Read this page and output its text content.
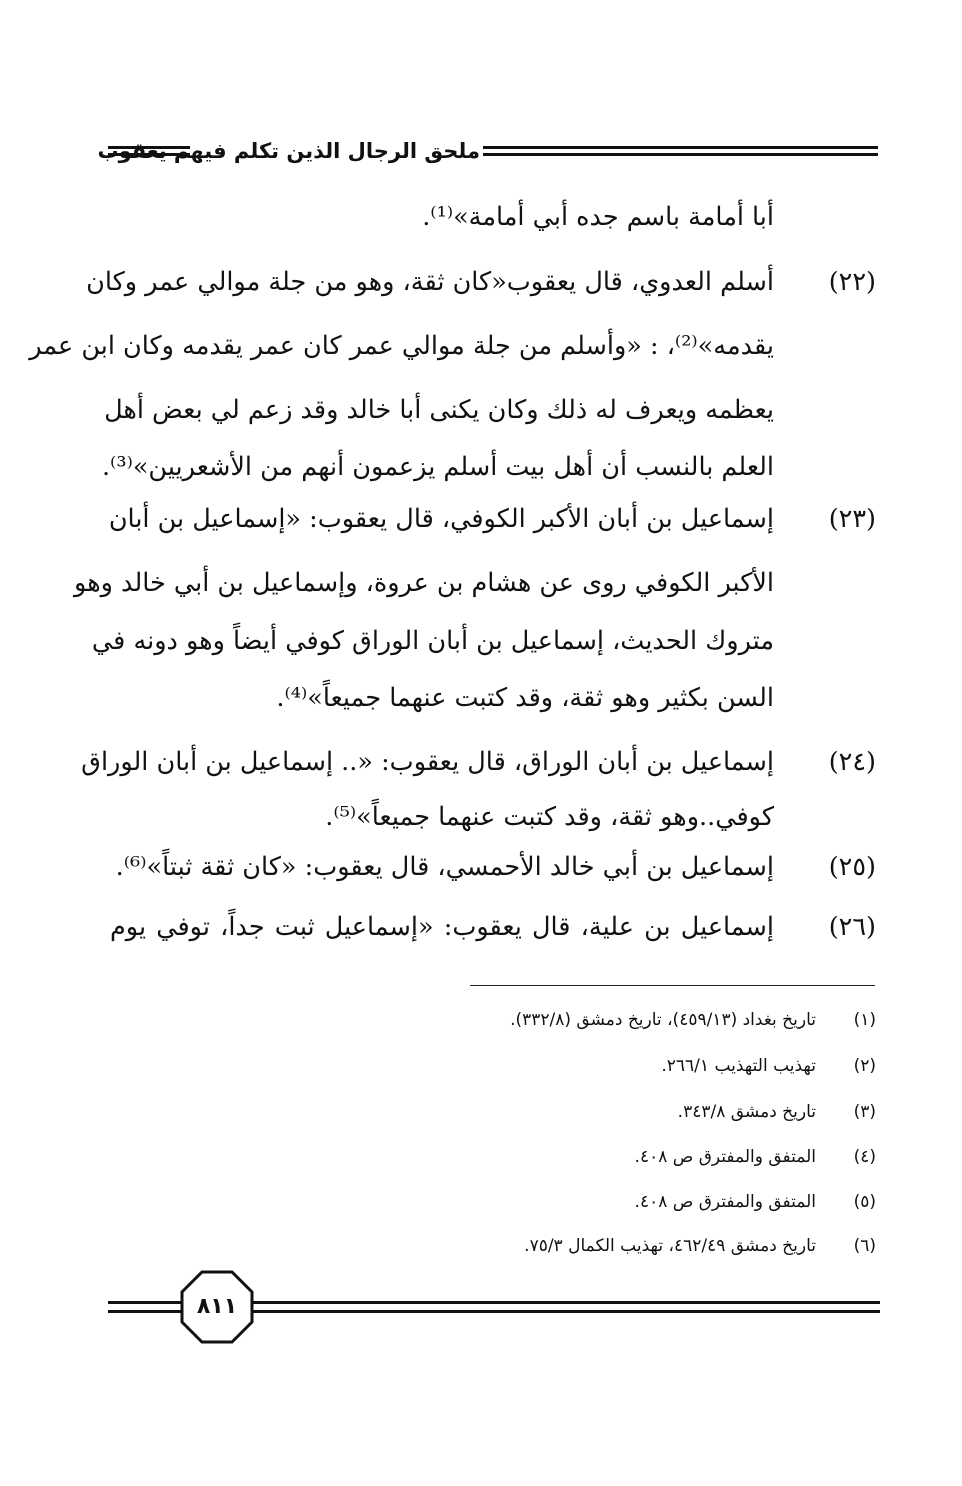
ملحق الرجال الذين تكلم فيهم يعقوب
أبا أمامة باسم جده أبي أمامة»⁽¹⁾.
(٢٢)
أسلم العدوي، قال يعقوب«كان ثقة، وهو من جلة موالي عمر وكان
يقدمه»⁽²⁾، : «وأسلم من جلة موالي عمر كان عمر يقدمه وكان ابن عمر
يعظمه ويعرف له ذلك وكان يكنى أبا خالد وقد زعم لي بعض أهل
العلم بالنسب أن أهل بيت أسلم يزعمون أنهم من الأشعريين»⁽³⁾.
(٢٣)
إسماعيل بن أبان الأكبر الكوفي، قال يعقوب: «إسماعيل بن أبان
الأكبر الكوفي روى عن هشام بن عروة، وإسماعيل بن أبي خالد وهو
متروك الحديث، إسماعيل بن أبان الوراق كوفي أيضاً وهو دونه في
السن بكثير وهو ثقة، وقد كتبت عنهما جميعاً»⁽⁴⁾.
(٢٤)
إسماعيل بن أبان الوراق، قال يعقوب: «.. إسماعيل بن أبان الوراق
كوفي..وهو ثقة، وقد كتبت عنهما جميعاً»⁽⁵⁾.
(٢٥)
إسماعيل بن أبي خالد الأحمسي، قال يعقوب: «كان ثقة ثبتاً»⁽⁶⁾.
(٢٦)
إسماعيل بن علية، قال يعقوب: «إسماعيل ثبت جداً، توفي يوم
(١)
تاريخ بغداد (٤٥٩/١٣)، تاريخ دمشق (٣٣٢/٨).
(٢)
تهذيب التهذيب ٢٦٦/١.
(٣)
تاريخ دمشق ٣٤٣/٨.
(٤)
المتفق والمفترق ص ٤٠٨.
(٥)
المتفق والمفترق ص ٤٠٨.
(٦)
تاريخ دمشق ٤٦٢/٤٩، تهذيب الكمال ٧٥/٣.
٨١١
